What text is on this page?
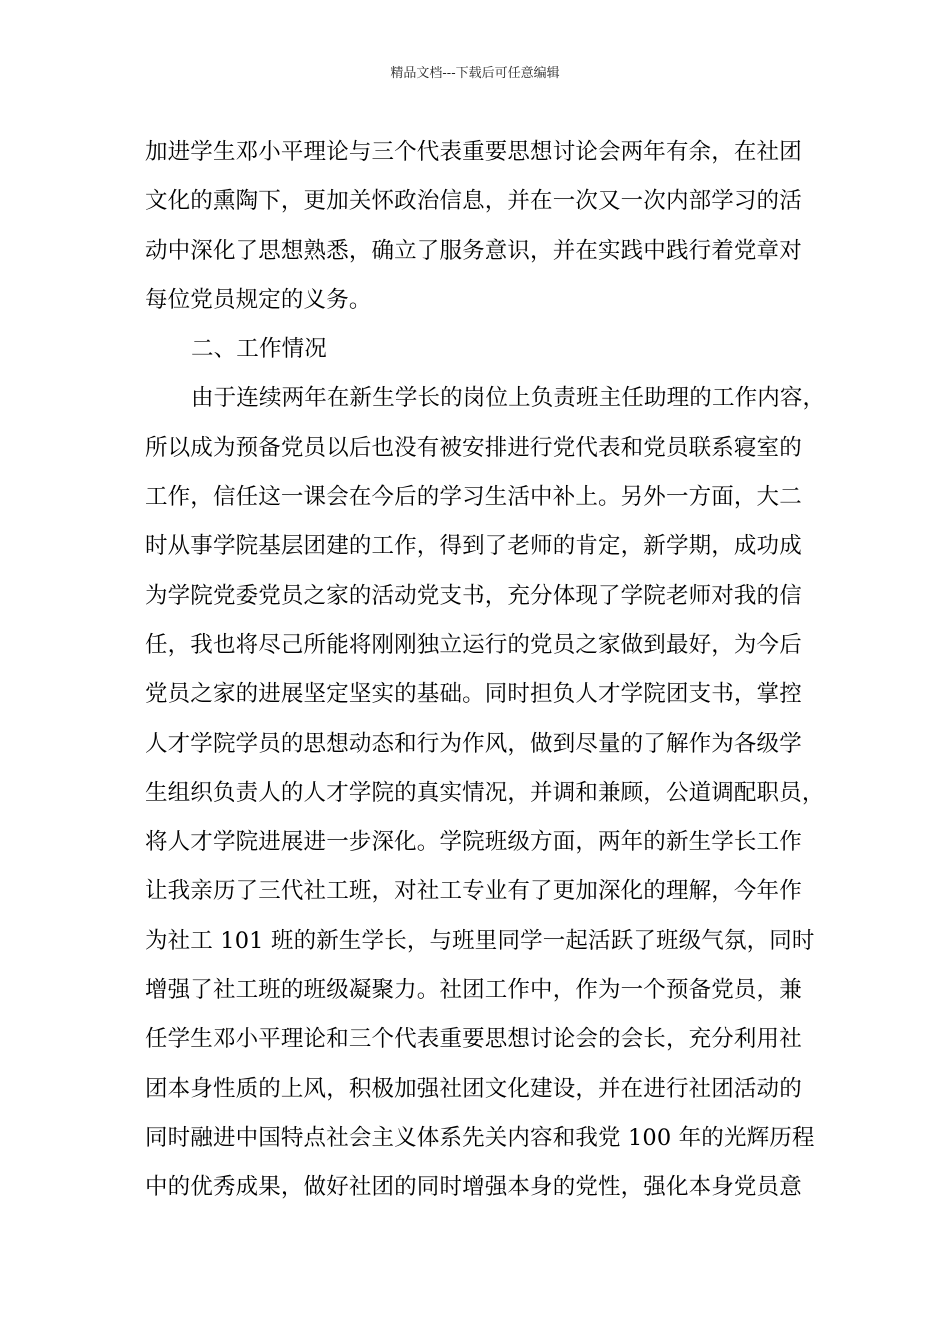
精品文档---下载后可任意编辑
加进学生邓小平理论与三个代表重要思想讨论会两年有余，在社团
文化的熏陶下，更加关怀政治信息，并在一次又一次内部学习的活
动中深化了思想熟悉，确立了服务意识，并在实践中践行着党章对
每位党员规定的义务。
二、工作情况
由于连续两年在新生学长的岗位上负责班主任助理的工作内容，
所以成为预备党员以后也没有被安排进行党代表和党员联系寝室的
工作，信任这一课会在今后的学习生活中补上。另外一方面，大二
时从事学院基层团建的工作，得到了老师的肯定，新学期，成功成
为学院党委党员之家的活动党支书，充分体现了学院老师对我的信
任，我也将尽己所能将刚刚独立运行的党员之家做到最好，为今后
党员之家的进展坚定坚实的基础。同时担负人才学院团支书，掌控
人才学院学员的思想动态和行为作风，做到尽量的了解作为各级学
生组织负责人的人才学院的真实情况，并调和兼顾，公道调配职员，
将人才学院进展进一步深化。学院班级方面，两年的新生学长工作
让我亲历了三代社工班，对社工专业有了更加深化的理解，今年作
为社工 101 班的新生学长，与班里同学一起活跃了班级气氛，同时
增强了社工班的班级凝聚力。社团工作中，作为一个预备党员，兼
任学生邓小平理论和三个代表重要思想讨论会的会长，充分利用社
团本身性质的上风，积极加强社团文化建设，并在进行社团活动的
同时融进中国特点社会主义体系先关内容和我党 100 年的光辉历程
中的优秀成果，做好社团的同时增强本身的党性，强化本身党员意
